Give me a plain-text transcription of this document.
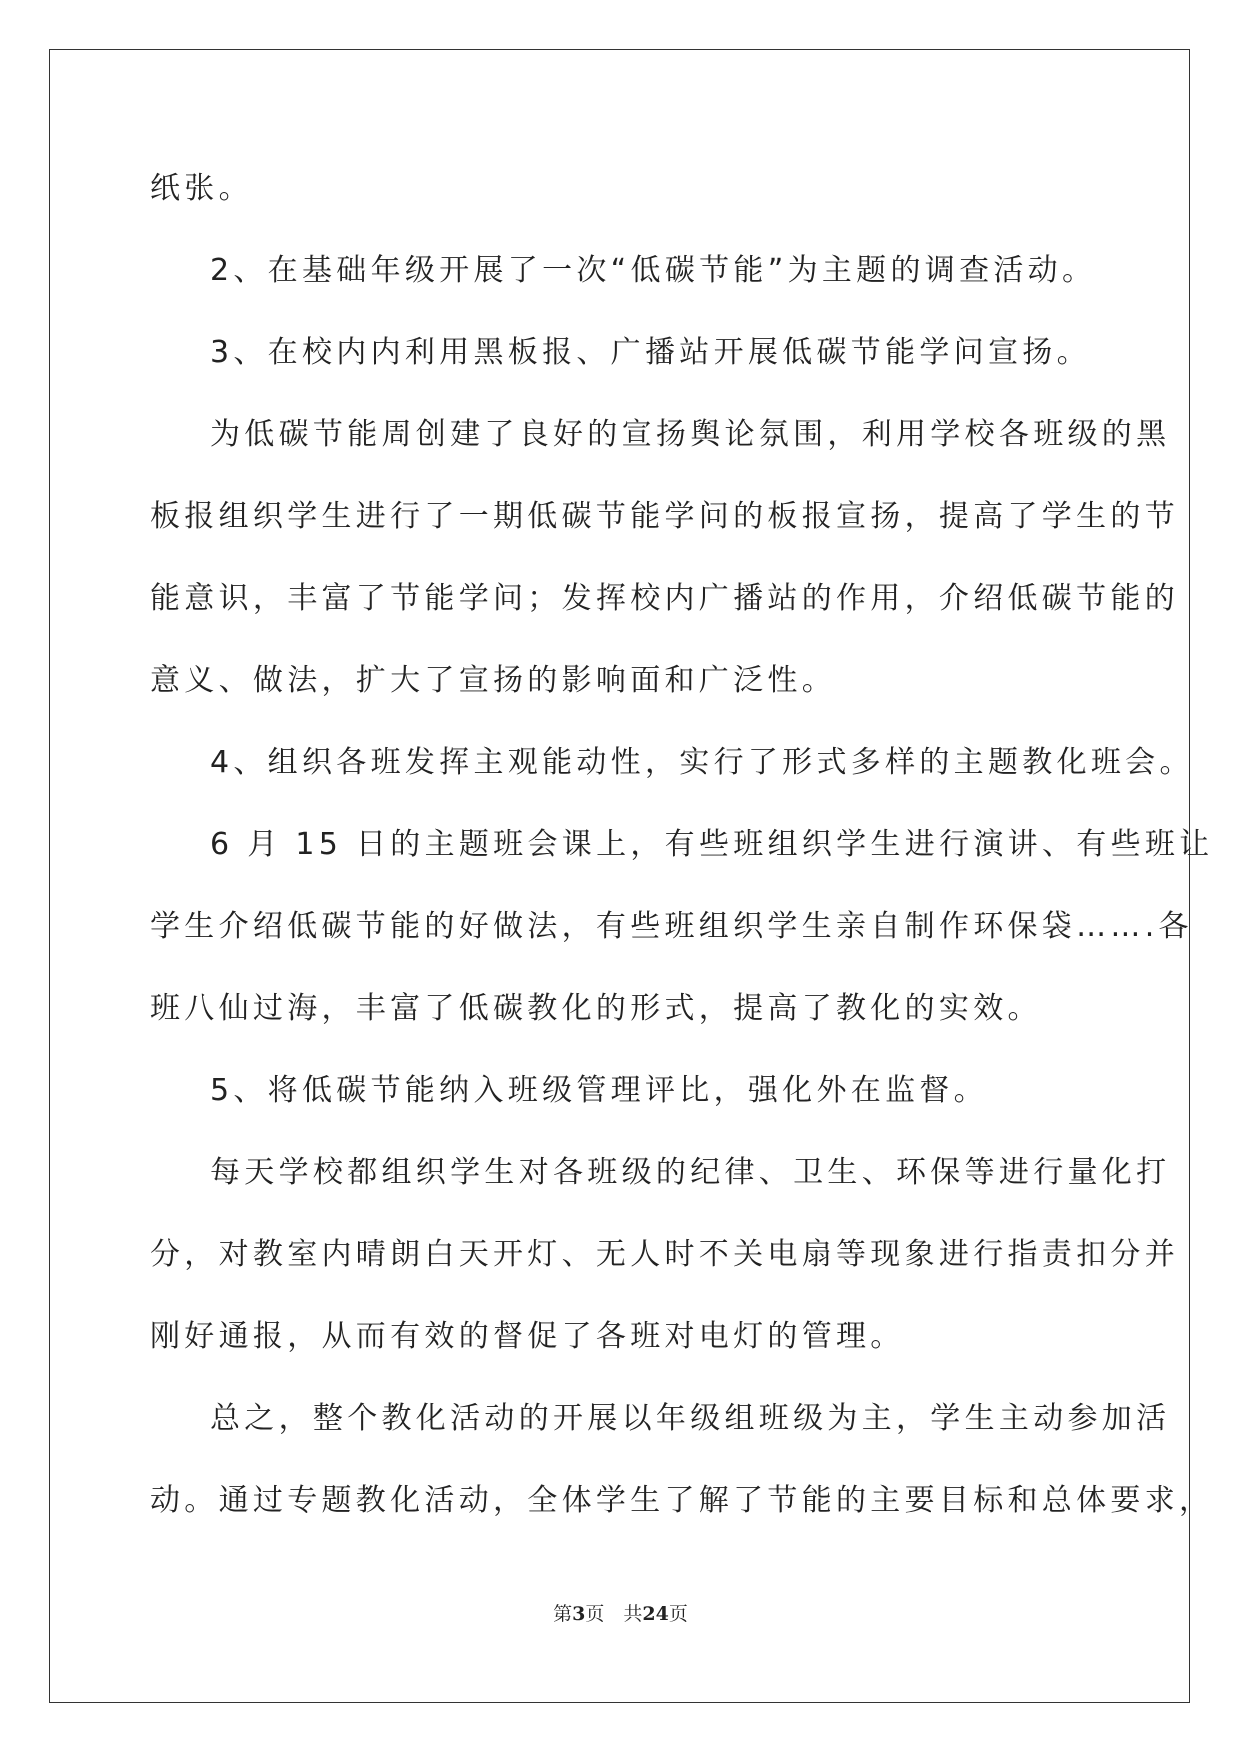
纸张。
2、在基础年级开展了一次“低碳节能”为主题的调查活动。
3、在校内内利用黑板报、广播站开展低碳节能学问宣扬。
为低碳节能周创建了良好的宣扬舆论氛围，利用学校各班级的黑
板报组织学生进行了一期低碳节能学问的板报宣扬，提高了学生的节
能意识，丰富了节能学问；发挥校内广播站的作用，介绍低碳节能的
意义、做法，扩大了宣扬的影响面和广泛性。
4、组织各班发挥主观能动性，实行了形式多样的主题教化班会。
6 月 15 日的主题班会课上，有些班组织学生进行演讲、有些班让
学生介绍低碳节能的好做法，有些班组织学生亲自制作环保袋…….各
班八仙过海，丰富了低碳教化的形式，提高了教化的实效。
5、将低碳节能纳入班级管理评比，强化外在监督。
每天学校都组织学生对各班级的纪律、卫生、环保等进行量化打
分，对教室内晴朗白天开灯、无人时不关电扇等现象进行指责扣分并
刚好通报，从而有效的督促了各班对电灯的管理。
总之，整个教化活动的开展以年级组班级为主，学生主动参加活
动。通过专题教化活动，全体学生了解了节能的主要目标和总体要求，
第3页　共24页
